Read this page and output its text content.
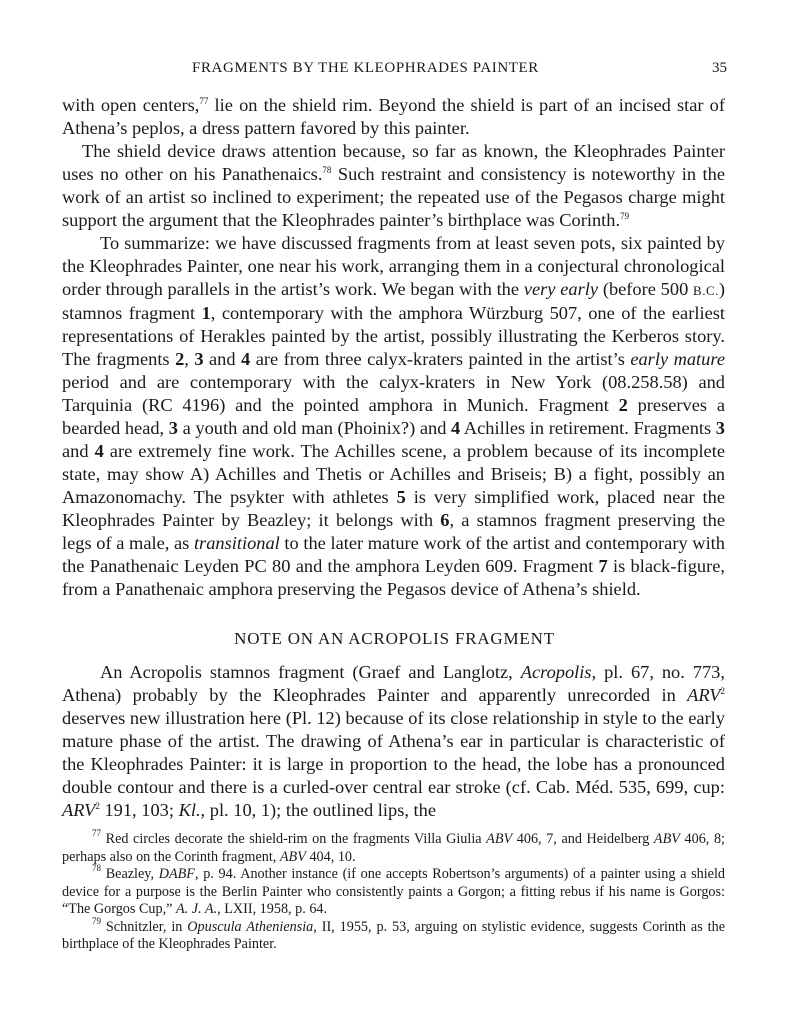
FRAGMENTS BY THE KLEOPHRADES PAINTER	35

with open centers,$^{77}$ lie on the shield rim. Beyond the shield is part of an incised star of Athena’s peplos, a dress pattern favored by this painter.

The shield device draws attention because, so far as known, the Kleophrades Painter uses no other on his Panathenaics.$^{78}$ Such restraint and consistency is noteworthy in the work of an artist so inclined to experiment; the repeated use of the Pegasos charge might support the argument that the Kleophrades painter’s birthplace was Corinth.$^{79}$

To summarize: we have discussed fragments from at least seven pots, six painted by the Kleophrades Painter, one near his work, arranging them in a conjectural chronological order through parallels in the artist’s work. We began with the very early (before 500 B.C.) stamnos fragment 1, contemporary with the amphora Würzburg 507, one of the earliest representations of Herakles painted by the artist, possibly illustrating the Kerberos story. The fragments 2, 3 and 4 are from three calyx-kraters painted in the artist’s early mature period and are contemporary with the calyx-kraters in New York (08.258.58) and Tarquinia (RC 4196) and the pointed amphora in Munich. Fragment 2 preserves a bearded head, 3 a youth and old man (Phoinix?) and 4 Achilles in retirement. Fragments 3 and 4 are extremely fine work. The Achilles scene, a problem because of its incomplete state, may show A) Achilles and Thetis or Achilles and Briseis; B) a fight, possibly an Amazonomachy. The psykter with athletes 5 is very simplified work, placed near the Kleophrades Painter by Beazley; it belongs with 6, a stamnos fragment preserving the legs of a male, as transitional to the later mature work of the artist and contemporary with the Panathenaic Leyden PC 80 and the amphora Leyden 609. Fragment 7 is black-figure, from a Panathenaic amphora preserving the Pegasos device of Athena’s shield.

NOTE ON AN ACROPOLIS FRAGMENT

An Acropolis stamnos fragment (Graef and Langlotz, Acropolis, pl. 67, no. 773, Athena) probably by the Kleophrades Painter and apparently unrecorded in ARV$^2$ deserves new illustration here (Pl. 12) because of its close relationship in style to the early mature phase of the artist. The drawing of Athena’s ear in particular is characteristic of the Kleophrades Painter: it is large in proportion to the head, the lobe has a pronounced double contour and there is a curled-over central ear stroke (cf. Cab. Méd. 535, 699, cup: ARV$^2$ 191, 103; Kl., pl. 10, 1); the outlined lips, the

$^{77}$ Red circles decorate the shield-rim on the fragments Villa Giulia ABV 406, 7, and Heidelberg ABV 406, 8; perhaps also on the Corinth fragment, ABV 404, 10.

$^{78}$ Beazley, DABF, p. 94. Another instance (if one accepts Robertson’s arguments) of a painter using a shield device for a purpose is the Berlin Painter who consistently paints a Gorgon; a fitting rebus if his name is Gorgos: “The Gorgos Cup,” A. J. A., LXII, 1958, p. 64.

$^{79}$ Schnitzler, in Opuscula Atheniensia, II, 1955, p. 53, arguing on stylistic evidence, suggests Corinth as the birthplace of the Kleophrades Painter.
